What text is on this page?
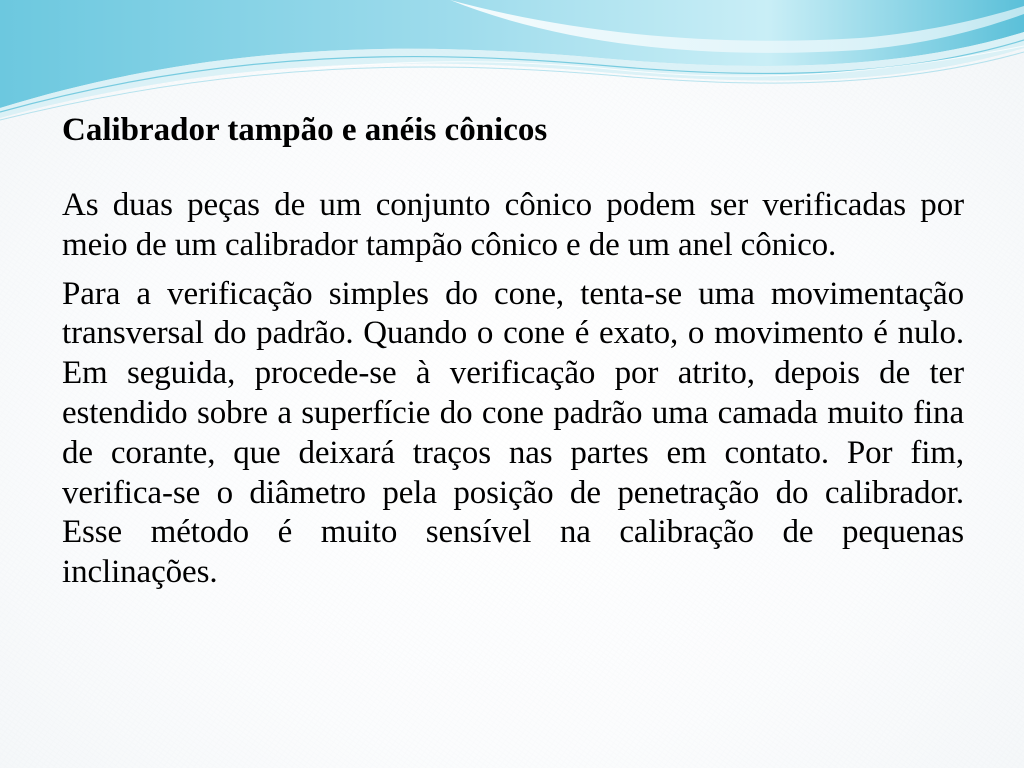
Calibrador tampão e anéis cônicos

As duas peças de um conjunto cônico podem ser verificadas por meio de um calibrador tampão cônico e de um anel cônico.

Para a verificação simples do cone, tenta-se uma movimentação transversal do padrão. Quando o cone é exato, o movimento é nulo. Em seguida, procede-se à verificação por atrito, depois de ter estendido sobre a superfície do cone padrão uma camada muito fina de corante, que deixará traços nas partes em contato. Por fim, verifica-se o diâmetro pela posição de penetração do calibrador. Esse método é muito sensível na calibração de pequenas inclinações.
